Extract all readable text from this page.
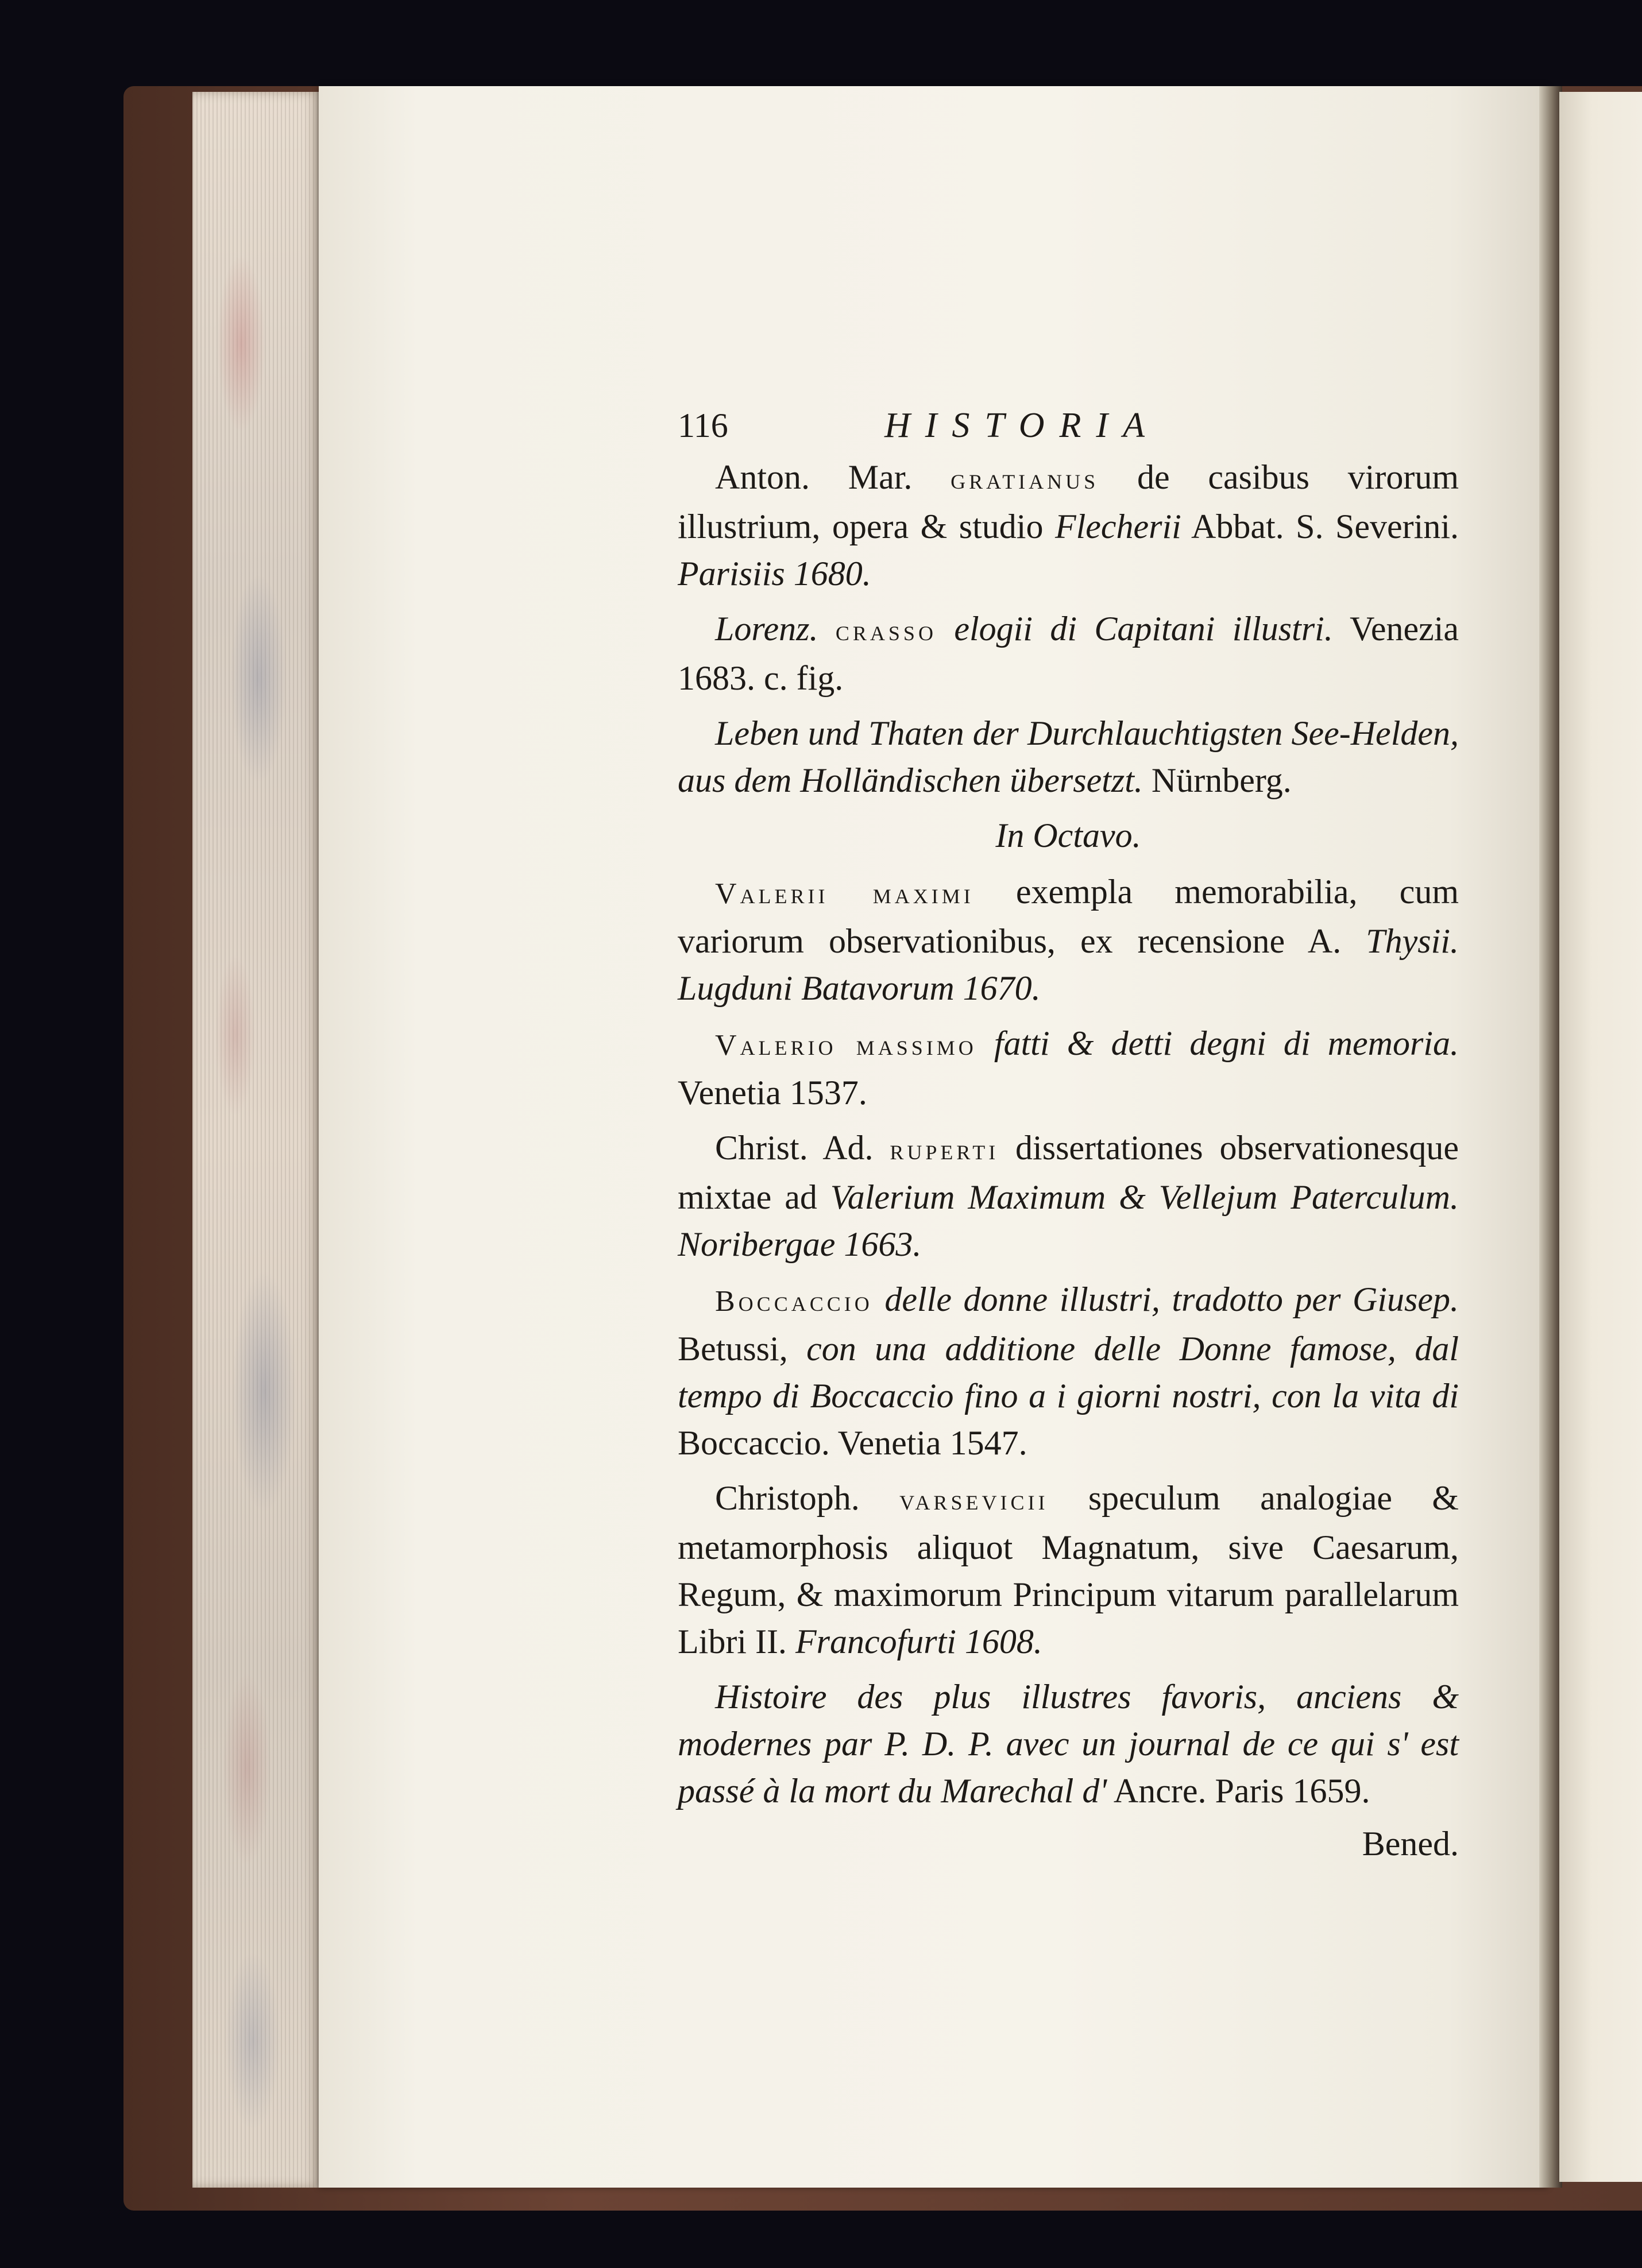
116	HISTORIA

Anton. Mar. gratianus de casibus virorum illustrium, opera & studio Flecherii Abbat. S. Severini. Parisiis 1680.

Lorenz. crasso elogii di Capitani illustri. Venezia 1683. c. fig.

Leben und Thaten der Durchlauchtigsten See-Helden, aus dem Holländischen übersetzt. Nürnberg.

In Octavo.

Valerii maximi exempla memorabilia, cum variorum observationibus, ex recensione A. Thysii. Lugduni Batavorum 1670.

Valerio massimo fatti & detti degni di memoria. Venetia 1537.

Christ. Ad. ruperti dissertationes observationesque mixtae ad Valerium Maximum & Vellejum Paterculum. Noribergae 1663.

Boccaccio delle donne illustri, tradotto per Giusep. Betussi, con una additione delle Donne famose, dal tempo di Boccaccio fino a i giorni nostri, con la vita di Boccaccio. Venetia 1547.

Christoph. varsevicii speculum analogiae & metamorphosis aliquot Magnatum, sive Caesarum, Regum, & maximorum Principum vitarum parallelarum Libri II. Francofurti 1608.

Histoire des plus illustres favoris, anciens & modernes par P. D. P. avec un journal de ce qui s' est passé à la mort du Marechal d' Ancre. Paris 1659.

Bened.
